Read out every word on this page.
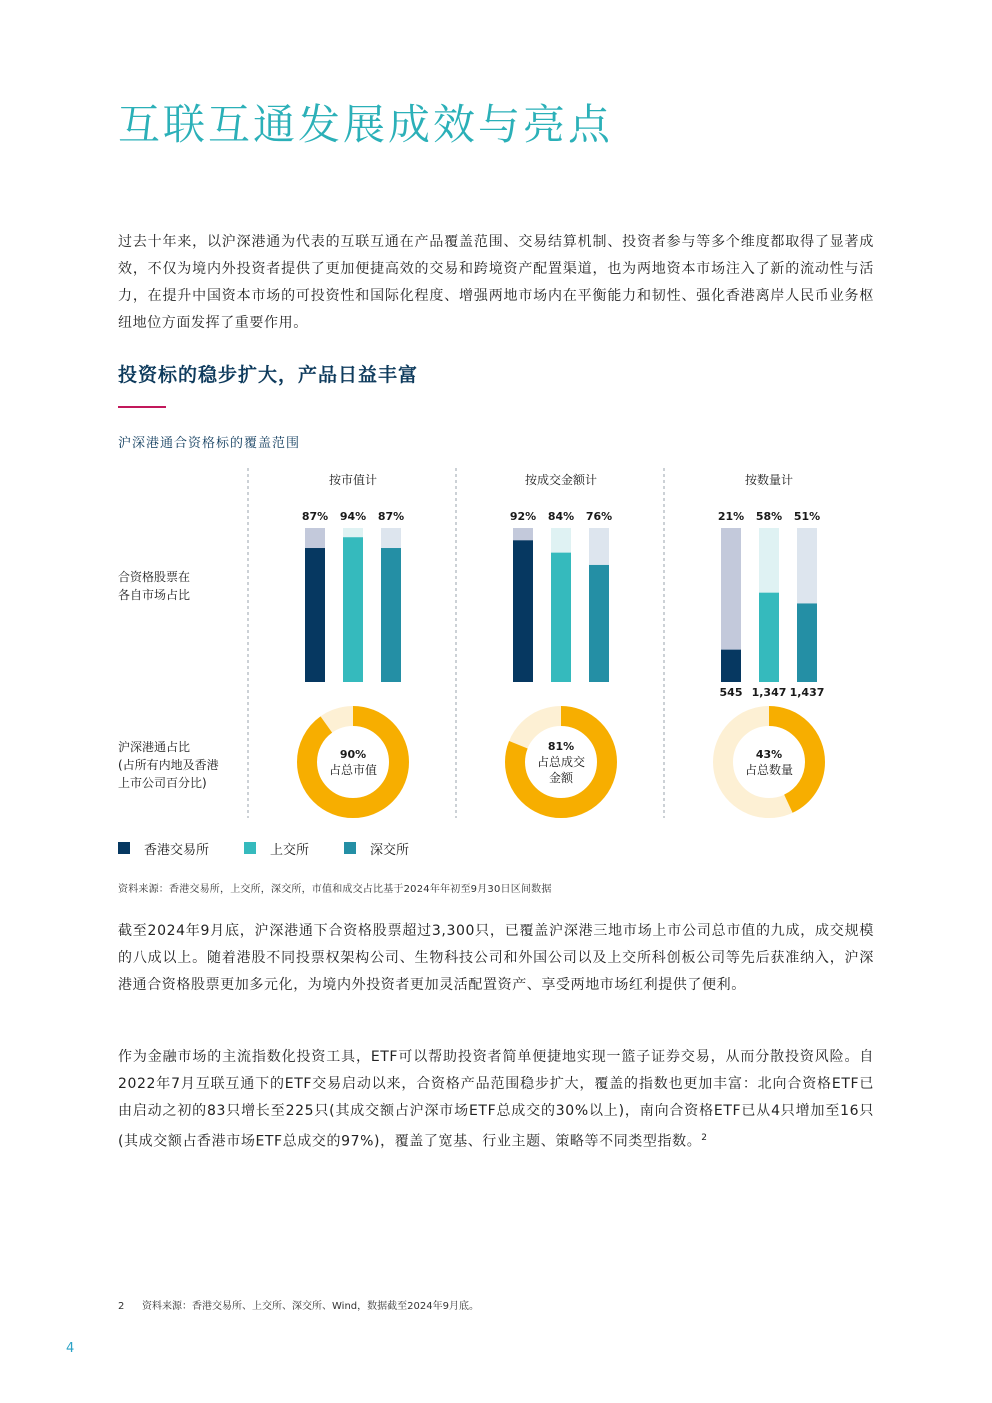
互联互通发展成效与亮点
过去十年来，以沪深港通为代表的互联互通在产品覆盖范围、交易结算机制、投资者参与等多个维度都取得了显著成效，不仅为境内外投资者提供了更加便捷高效的交易和跨境资产配置渠道，也为两地资本市场注入了新的流动性与活力，在提升中国资本市场的可投资性和国际化程度、增强两地市场内在平衡能力和韧性、强化香港离岸人民币业务枢纽地位方面发挥了重要作用。
投资标的稳步扩大，产品日益丰富
沪深港通合资格标的覆盖范围
合资格股票在
各自市场占比
沪深港通占比
(占所有内地及香港
上市公司百分比)
按市值计
87% 94% 87%
90%
占总市值
按成交金额计
92% 84% 76%
81%
占总成交
金额
按数量计
21%
545
58%
1,347
51%
1,437
43%
占总数量
香港交易所	上交所	深交所
资料来源：香港交易所，上交所，深交所，市值和成交占比基于2024年年初至9月30日区间数据
截至2024年9月底，沪深港通下合资格股票超过3,300只，已覆盖沪深港三地市场上市公司总市值的九成，成交规模的八成以上。随着港股不同投票权架构公司、生物科技公司和外国公司以及上交所科创板公司等先后获准纳入，沪深港通合资格股票更加多元化，为境内外投资者更加灵活配置资产、享受两地市场红利提供了便利。
作为金融市场的主流指数化投资工具，ETF可以帮助投资者简单便捷地实现一篮子证券交易，从而分散投资风险。自2022年7月互联互通下的ETF交易启动以来，合资格产品范围稳步扩大，覆盖的指数也更加丰富：北向合资格ETF已由启动之初的83只增长至225只(其成交额占沪深市场ETF总成交的30%以上)，南向合资格ETF已从4只增加至16只(其成交额占香港市场ETF总成交的97%)，覆盖了宽基、行业主题、策略等不同类型指数。$^2$
2 资料来源：香港交易所、上交所、深交所、Wind，数据截至2024年9月底。
4
